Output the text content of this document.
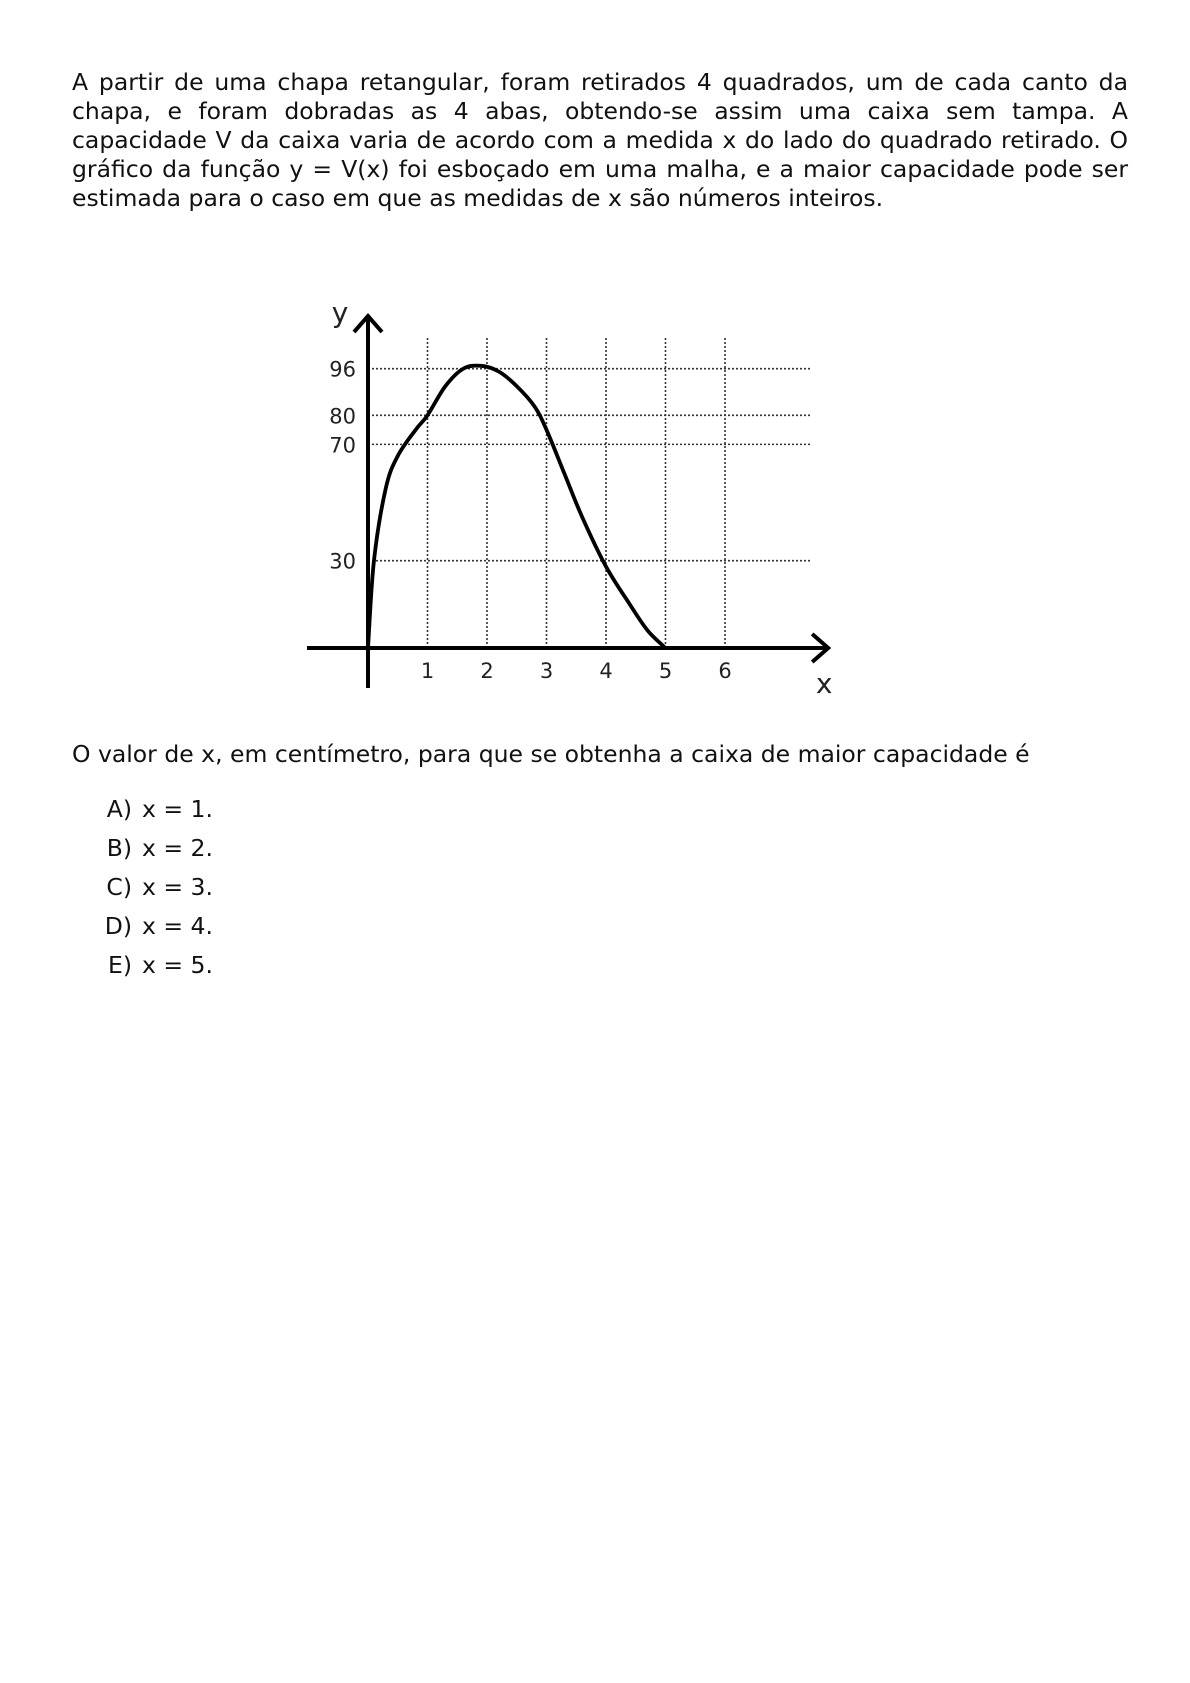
A partir de uma chapa retangular, foram retirados 4 quadrados, um de cada canto da chapa, e foram dobradas as 4 abas, obtendo-se assim uma caixa sem tampa. A capacidade V da caixa varia de acordo com a medida x do lado do quadrado retirado. O gráfico da função y = V(x) foi esboçado em uma malha, e a maior capacidade pode ser estimada para o caso em que as medidas de x são números inteiros.

1 2 3 4 5 6
30
70
80
96
x
y

O valor de x, em centímetro, para que se obtenha a caixa de maior capacidade é

A) x = 1.
B) x = 2.
C) x = 3.
D) x = 4.
E) x = 5.
